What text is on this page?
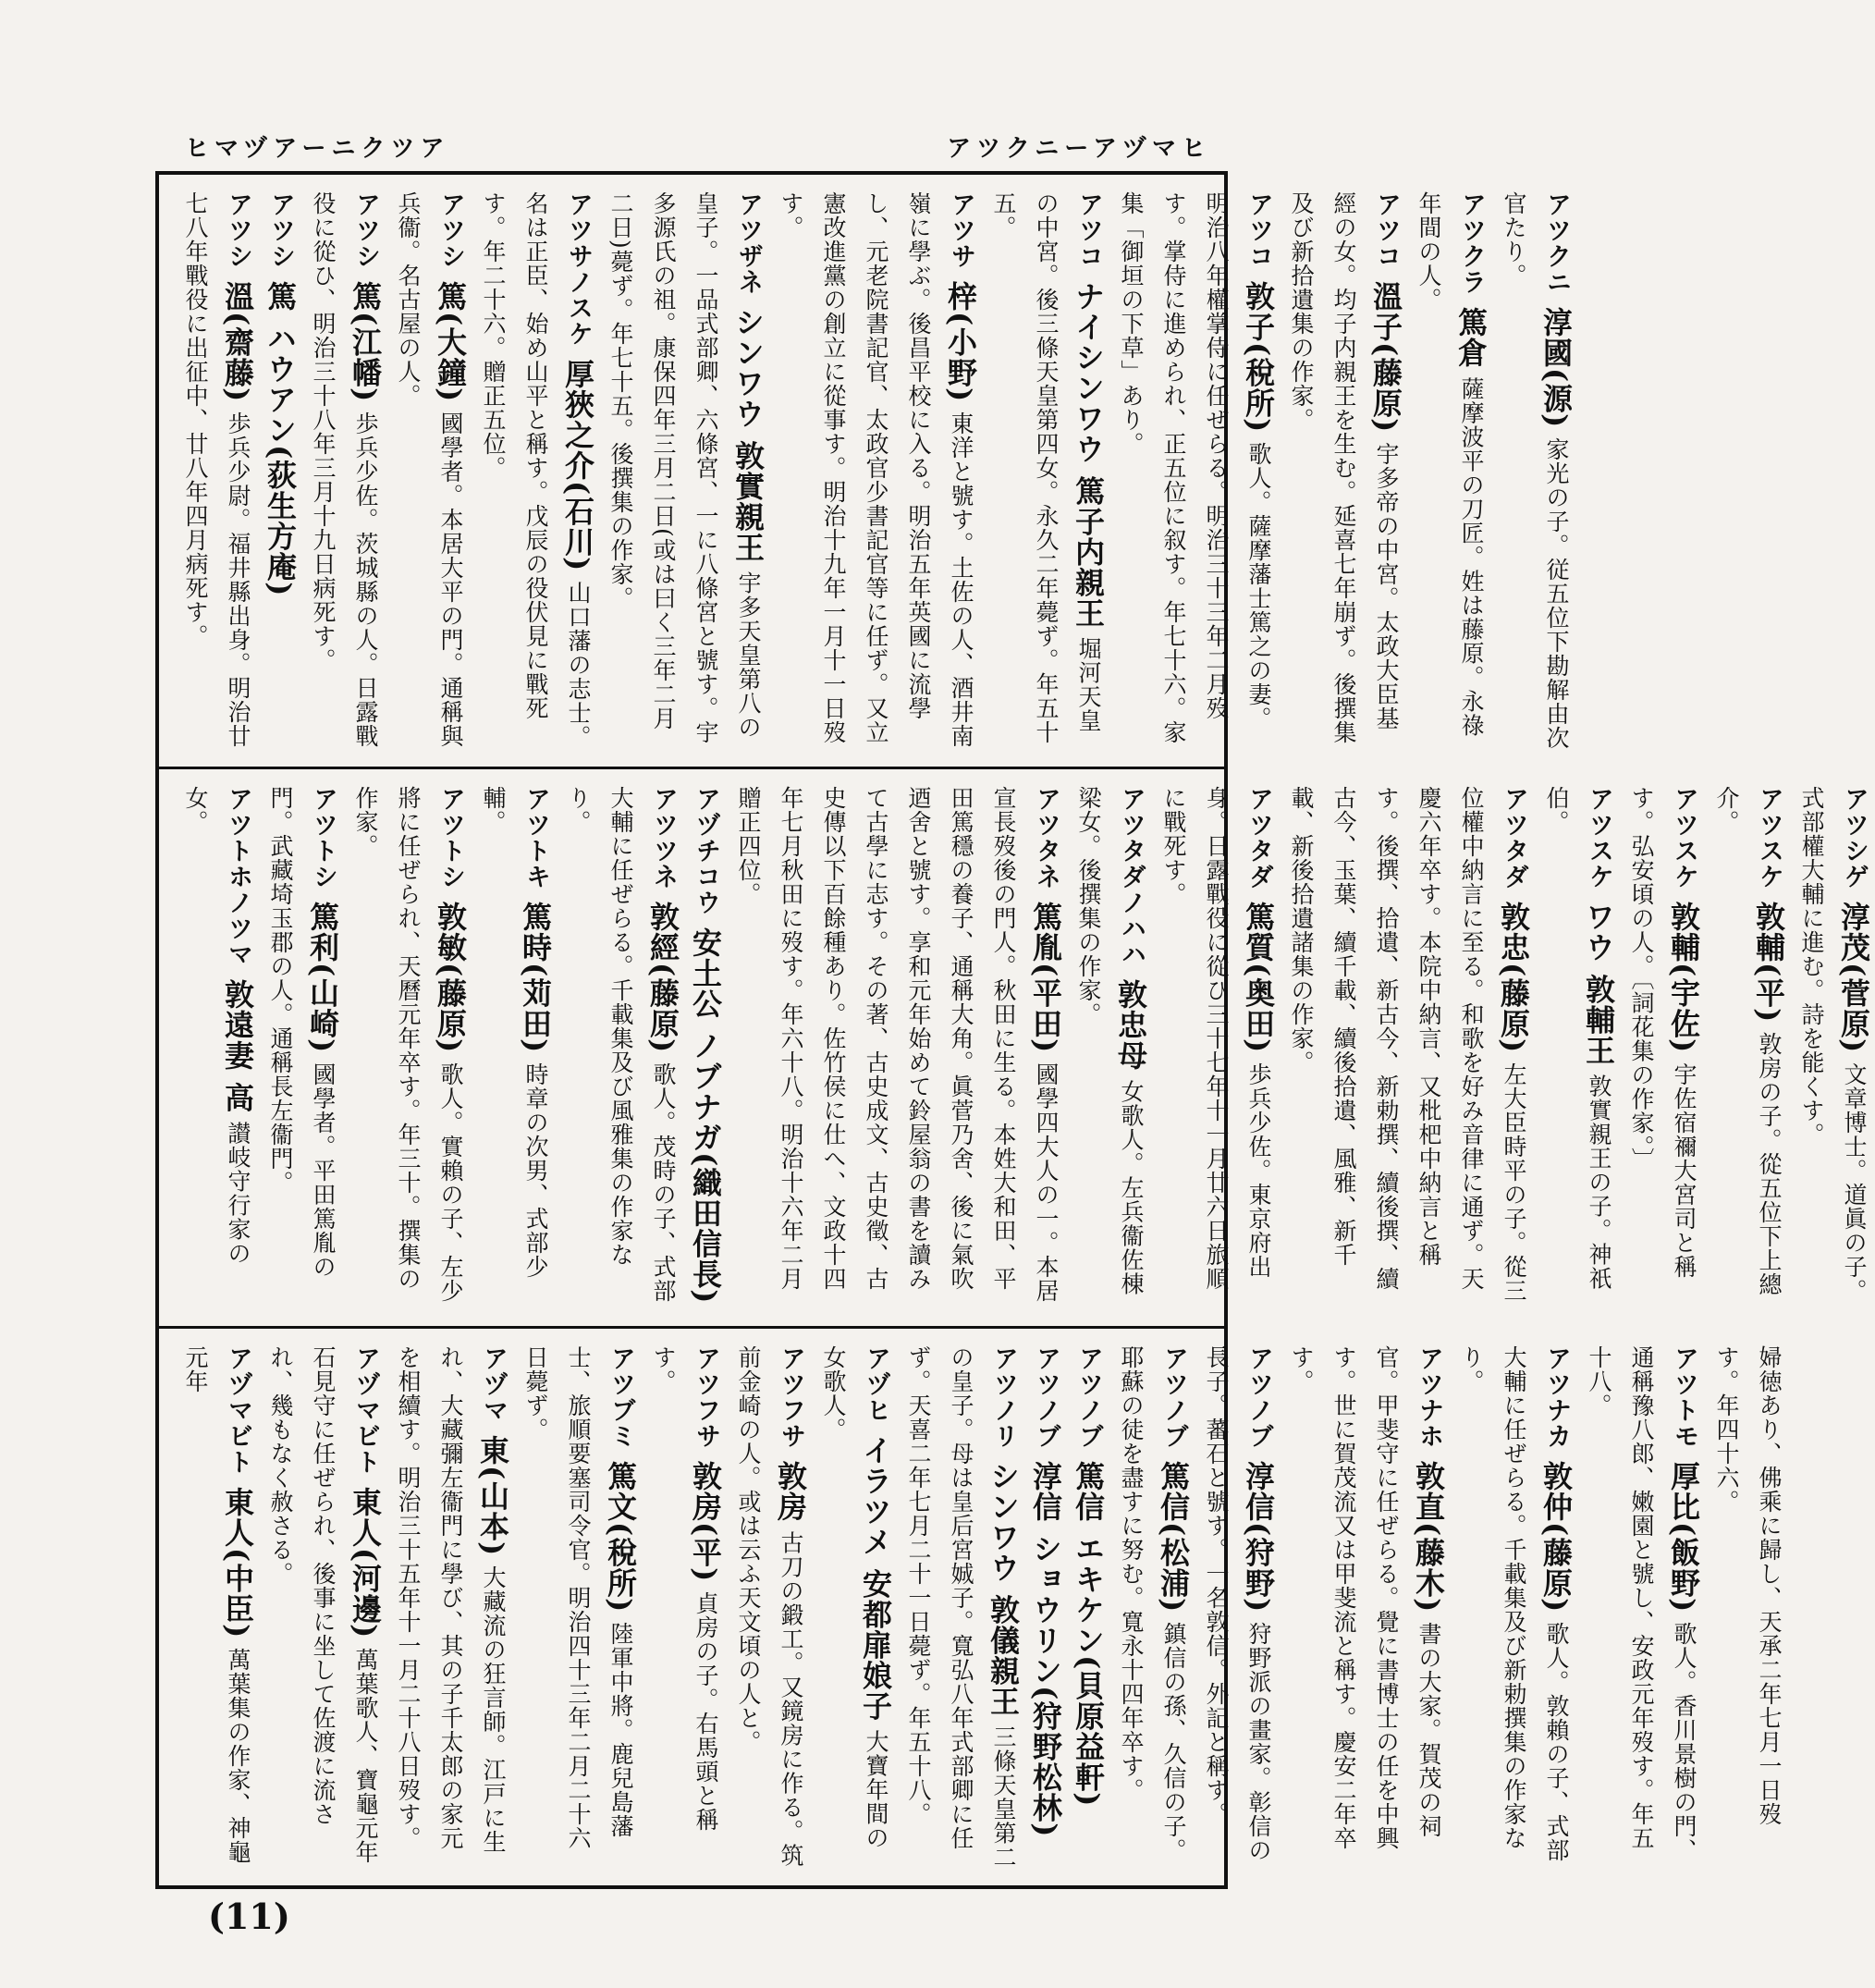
ヒマヅアーニクツア	アツクニーアヅマヒ
アツクニ 淳國(源) 家光の子。従五位下勘解由次官たり。
アツクラ 篤倉 薩摩波平の刀匠。姓は藤原。永祿年間の人。
アツコ 溫子(藤原) 宇多帝の中宮。太政大臣基經の女。均子内親王を生む。延喜七年崩ず。後撰集及び新拾遺集の作家。
アツコ 敦子(稅所) 歌人。薩摩藩士篤之の妻。明治八年權掌侍に任ぜらる。明治三十三年二月歿す。掌侍に進められ、正五位に叙す。年七十六。家集「御垣の下草」あり。
アツコ ナイシンワウ 篤子内親王 堀河天皇の中宮。後三條天皇第四女。永久二年薨ず。年五十五。
アツサ 梓(小野) 東洋と號す。土佐の人、酒井南嶺に學ぶ。後昌平校に入る。明治五年英國に流學し、元老院書記官、太政官少書記官等に任ず。又立憲改進黨の創立に從事す。明治十九年一月十一日歿す。
アツザネ シンワウ 敦實親王 宇多天皇第八の皇子。一品式部卿、六條宮、一に八條宮と號す。宇多源氏の祖。康保四年三月二日(或は曰く三年二月二日)薨ず。年七十五。後撰集の作家。
アツサノスケ 厚狹之介(石川) 山口藩の志士。名は正臣、始め山平と稱す。戊辰の役伏見に戰死す。年二十六。贈正五位。
アツシ 篤(大鐘) 國學者。本居大平の門。通稱與兵衞。名古屋の人。
アツシ 篤(江幡) 歩兵少佐。茨城縣の人。日露戰役に從ひ、明治三十八年三月十九日病死す。
アツシ 篤 ハウアン(荻生方庵)
アツシ 溫(齋藤) 歩兵少尉。福井縣出身。明治廿七八年戰役に出征中、廿八年四月病死す。
アツシゲ 淳茂(菅原) 文章博士。道眞の子。式部權大輔に進む。詩を能くす。
アツスケ 敦輔(平) 敦房の子。從五位下上總介。
アツスケ 敦輔(宇佐) 宇佐宿禰大宮司と稱す。弘安頃の人。〔詞花集の作家。〕
アツスケ ワウ 敦輔王 敦實親王の子。神祇伯。
アツタダ 敦忠(藤原) 左大臣時平の子。從三位權中納言に至る。和歌を好み音律に通ず。天慶六年卒す。本院中納言、又枇杷中納言と稱す。後撰、拾遺、新古今、新勅撰、續後撰、續古今、玉葉、續千載、續後拾遺、風雅、新千載、新後拾遺諸集の作家。
アツタダ 篤質(奥田) 歩兵少佐。東京府出身。日露戰役に從ひ三十七年十一月廿六日旅順に戰死す。
アツタダノハハ 敦忠母 女歌人。左兵衞佐棟梁女。後撰集の作家。
アツタネ 篤胤(平田) 國學四大人の一。本居宣長歿後の門人。秋田に生る。本姓大和田、平田篤穩の養子、通稱大角。眞菅乃舍、後に氣吹迺舍と號す。享和元年始めて鈴屋翁の書を讀みて古學に志す。その著、古史成文、古史徵、古史傳以下百餘種あり。佐竹侯に仕へ、文政十四年七月秋田に歿す。年六十八。明治十六年二月贈正四位。
アヅチコウ 安土公 ノブナガ(織田信長)
アツツネ 敦經(藤原) 歌人。茂時の子、式部大輔に任ぜらる。千載集及び風雅集の作家なり。
アツトキ 篤時(苅田) 時章の次男、式部少輔。
アツトシ 敦敏(藤原) 歌人。實賴の子、左少將に任ぜられ、天曆元年卒す。年三十。撰集の作家。
アツトシ 篤利(山崎) 國學者。平田篤胤の門。武藏埼玉郡の人。通稱長左衞門。
アツトホノツマ 敦遠妻 高 讃岐守行家の女。
婦徳あり、佛乘に歸し、天承二年七月一日歿す。年四十六。
アツトモ 厚比(飯野) 歌人。香川景樹の門、通稱豫八郎、嫩園と號し、安政元年歿す。年五十八。
アツナカ 敦仲(藤原) 歌人。敦賴の子、式部大輔に任ぜらる。千載集及び新勅撰集の作家なり。
アツナホ 敦直(藤木) 書の大家。賀茂の祠官。甲斐守に任ぜらる。覺に書博士の任を中興す。世に賀茂流又は甲斐流と稱す。慶安二年卒す。
アツノブ 淳信(狩野) 狩野派の畫家。彰信の長子。蕃石と號す。一名敦信。外記と稱す。
アツノブ 篤信(松浦) 鎮信の孫、久信の子。耶蘇の徒を盡すに努む。寬永十四年卒す。
アツノブ 篤信 エキケン(貝原益軒)
アツノブ 淳信 ショウリン(狩野松林)
アツノリ シンワウ 敦儀親王 三條天皇第二の皇子。母は皇后宮娍子。寬弘八年式部卿に任ず。天喜二年七月二十一日薨ず。年五十八。
アヅヒ イラツメ 安都扉娘子 大寶年間の女歌人。
アツフサ 敦房 古刀の鍛工。又鏡房に作る。筑前金崎の人。或は云ふ天文頃の人と。
アツフサ 敦房(平) 貞房の子。右馬頭と稱す。
アツブミ 篤文(稅所) 陸軍中將。鹿兒島藩士、旅順要塞司令官。明治四十三年二月二十六日薨ず。
アヅマ 東(山本) 大藏流の狂言師。江戸に生れ、大藏彌左衞門に學び、其の子千太郎の家元を相續す。明治三十五年十一月二十八日歿す。
アヅマビト 東人(河邊) 萬葉歌人、寶龜元年石見守に任ぜられ、後事に坐して佐渡に流され、幾もなく赦さる。
アヅマビト 東人(中臣) 萬葉集の作家、神龜元年
(11)
